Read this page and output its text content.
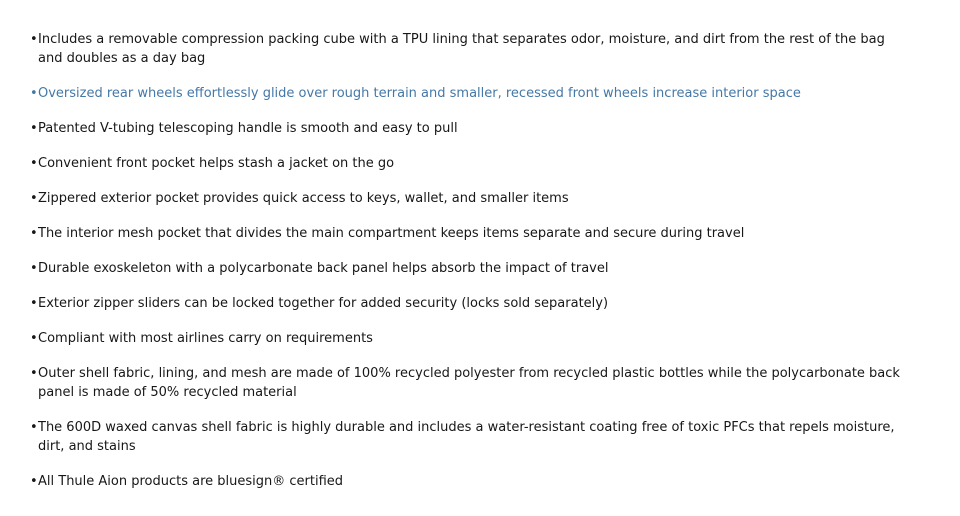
•Includes a removable compression packing cube with a TPU lining that separates odor, moisture, and dirt from the rest of the bag and doubles as a day bag
•Oversized rear wheels effortlessly glide over rough terrain and smaller, recessed front wheels increase interior space
•Patented V-tubing telescoping handle is smooth and easy to pull
•Convenient front pocket helps stash a jacket on the go
•Zippered exterior pocket provides quick access to keys, wallet, and smaller items
•The interior mesh pocket that divides the main compartment keeps items separate and secure during travel
•Durable exoskeleton with a polycarbonate back panel helps absorb the impact of travel
•Exterior zipper sliders can be locked together for added security (locks sold separately)
•Compliant with most airlines carry on requirements
•Outer shell fabric, lining, and mesh are made of 100% recycled polyester from recycled plastic bottles while the polycarbonate back panel is made of 50% recycled material
•The 600D waxed canvas shell fabric is highly durable and includes a water-resistant coating free of toxic PFCs that repels moisture, dirt, and stains
•All Thule Aion products are bluesign® certified
